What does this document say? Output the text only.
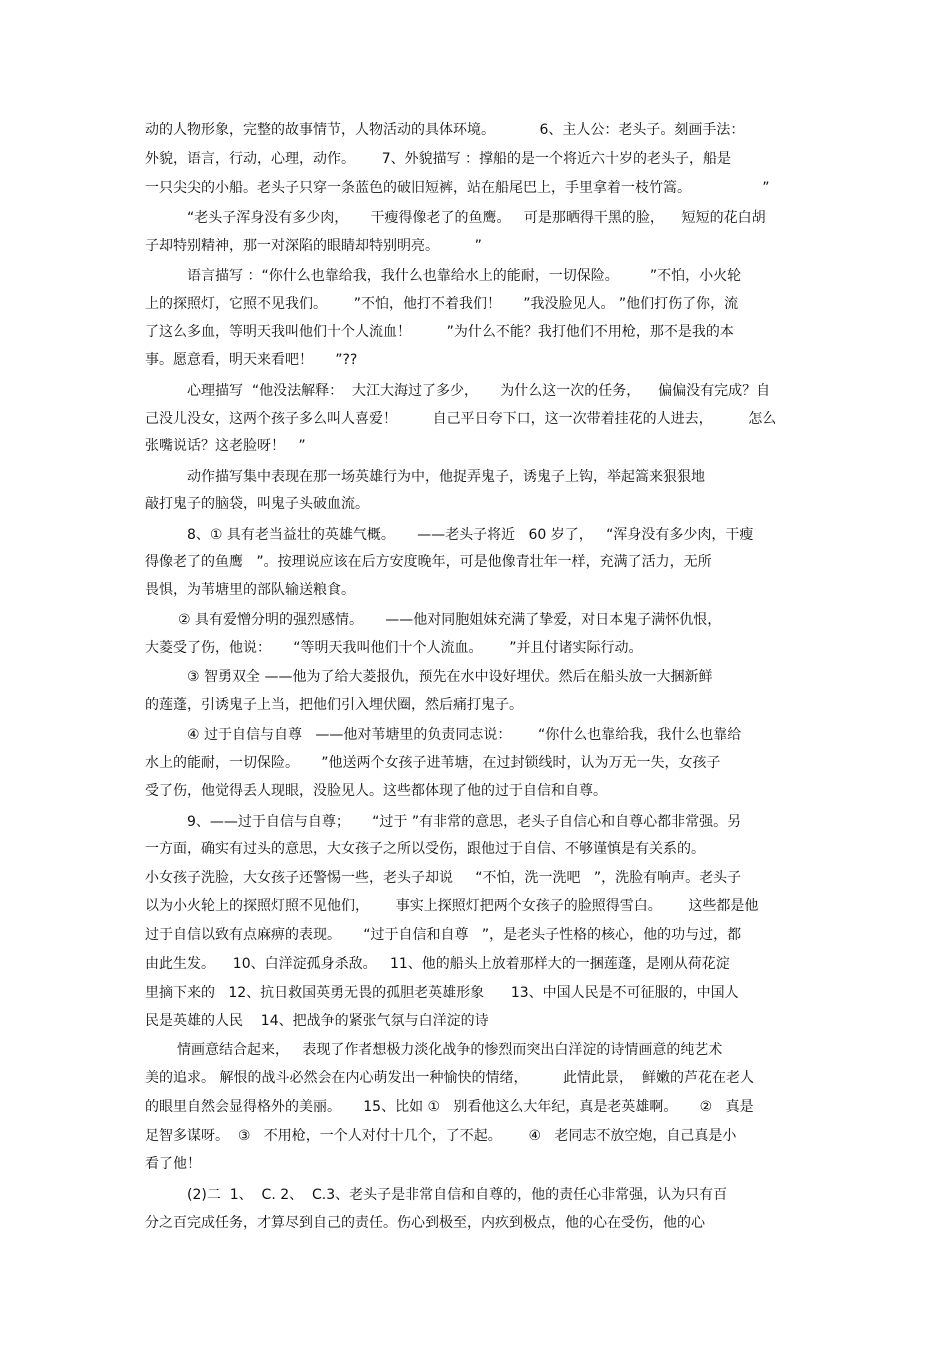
动的人物形象，完整的故事情节，人物活动的具体环境。          6、主人公：老头子。刻画手法：
外貌，语言，行动，心理，动作。      7、外貌描写 ：撑船的是一个将近六十岁的老头子，船是
一只尖尖的小船。老头子只穿一条蓝色的破旧短裤，站在船尾巴上，手里拿着一枝竹篙。                ”
“老头子浑身没有多少肉，     干瘦得像老了的鱼鹰。   可是那晒得干黑的脸，    短短的花白胡
子却特别精神，那一对深陷的眼睛却特别明亮。        ”
语言描写 ：“你什么也靠给我，我什么也靠给水上的能耐，一切保险。       ”不怕，小火轮
上的探照灯，它照不见我们。      ”不怕，他打不着我们！     ”我没脸见人。 ”他们打伤了你，流
了这么多血，等明天我叫他们十个人流血！        ”为什么不能？我打他们不用枪，那不是我的本
事。愿意看，明天来看吧！     ”??
心理描写  “他没法解释：  大江大海过了多少，     为什么这一次的任务，    偏偏没有完成？自
己没儿没女，这两个孩子多么叫人喜爱！        自己平日夸下口，这一次带着挂花的人进去，        怎么
张嘴说话？这老脸呀！   ”
动作描写集中表现在那一场英雄行为中，他捉弄鬼子，诱鬼子上钩，举起篙来狠狠地
敲打鬼子的脑袋，叫鬼子头破血流。
8、① 具有老当益壮的英雄气概。     ——老头子将近   60 岁了，   “浑身没有多少肉，干瘦
得像老了的鱼鹰   ”。按理说应该在后方安度晚年，可是他像青壮年一样，充满了活力，无所
畏惧，为苇塘里的部队输送粮食。
② 具有爱憎分明的强烈感情。     ——他对同胞姐妹充满了挚爱，对日本鬼子满怀仇恨，
大菱受了伤，他说：     “等明天我叫他们十个人流血。      ”并且付诸实际行动。
③ 智勇双全 ——他为了给大菱报仇，预先在水中设好埋伏。然后在船头放一大捆新鲜
的莲蓬，引诱鬼子上当，把他们引入埋伏圈，然后痛打鬼子。
④ 过于自信与自尊   ——他对苇塘里的负责同志说：      “你什么也靠给我，我什么也靠给
水上的能耐，一切保险。     ”他送两个女孩子进苇塘，在过封锁线时，认为万无一失，女孩子
受了伤，他觉得丢人现眼，没脸见人。这些都体现了他的过于自信和自尊。
9、——过于自信与自尊；     “过于 ”有非常的意思，老头子自信心和自尊心都非常强。另
一方面，确实有过头的意思，大女孩子之所以受伤，跟他过于自信、不够谨慎是有关系的。
小女孩子洗脸，大女孩子还警惕一些，老头子却说     “不怕，洗一洗吧   ”，洗脸有响声。老头子
以为小火轮上的探照灯照不见他们，      事实上探照灯把两个女孩子的脸照得雪白。      这些都是他
过于自信以致有点麻痹的表现。     “过于自信和自尊   ”，是老头子性格的核心，他的功与过，都
由此生发。    10、白洋淀孤身杀敌。   11、他的船头上放着那样大的一捆莲蓬，是刚从荷花淀
里摘下来的   12、抗日救国英勇无畏的孤胆老英雄形象      13、中国人民是不可征服的，中国人
民是英雄的人民    14、把战争的紧张气氛与白洋淀的诗
情画意结合起来，   表现了作者想极力淡化战争的惨烈而突出白洋淀的诗情画意的纯艺术
美的追求。 解恨的战斗必然会在内心萌发出一种愉快的情绪，        此情此景，  鲜嫩的芦花在老人
的眼里自然会显得格外的美丽。     15、比如 ①   别看他这么大年纪，真是老英雄啊。     ②   真是
足智多谋呀。  ③   不用枪，一个人对付十几个，了不起。      ④   老同志不放空炮，自己真是小
看了他！
(2)二  1、  C. 2、  C.3、老头子是非常自信和自尊的，他的责任心非常强，认为只有百
分之百完成任务，才算尽到自己的责任。伤心到极至，内疚到极点，他的心在受伤，他的心
